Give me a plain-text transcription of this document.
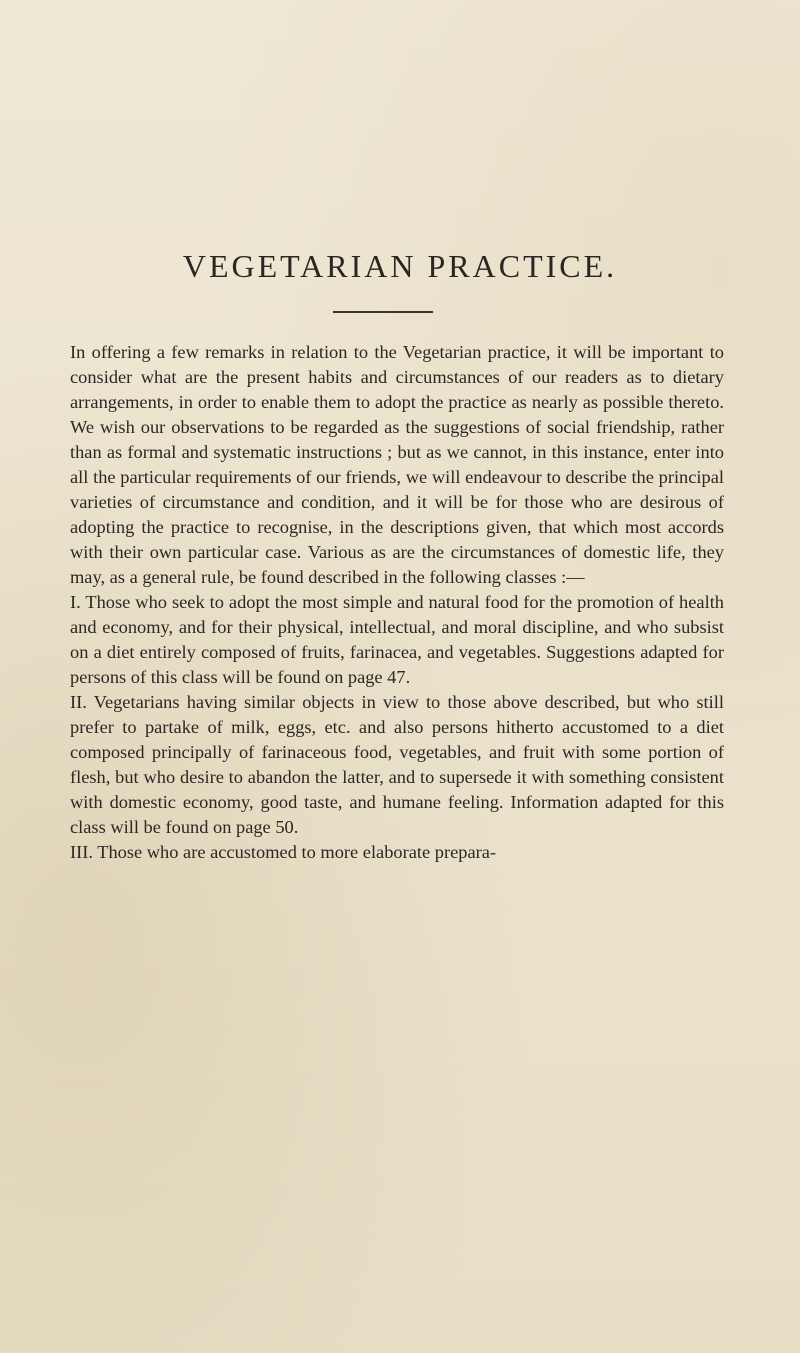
VEGETARIAN PRACTICE.

In offering a few remarks in relation to the Vegetarian practice, it will be important to consider what are the present habits and circumstances of our readers as to dietary arrangements, in order to enable them to adopt the practice as nearly as possible thereto. We wish our observations to be regarded as the suggestions of social friendship, rather than as formal and systematic instructions ; but as we cannot, in this instance, enter into all the particular requirements of our friends, we will endeavour to describe the principal varieties of circumstance and condition, and it will be for those who are desirous of adopting the practice to recognise, in the descriptions given, that which most accords with their own particular case. Various as are the circumstances of domestic life, they may, as a general rule, be found described in the following classes :—

I. Those who seek to adopt the most simple and natural food for the promotion of health and economy, and for their physical, intellectual, and moral discipline, and who subsist on a diet entirely composed of fruits, farinacea, and vegetables. Suggestions adapted for persons of this class will be found on page 47.

II. Vegetarians having similar objects in view to those above described, but who still prefer to partake of milk, eggs, etc. and also persons hitherto accustomed to a diet composed principally of farinaceous food, vegetables, and fruit with some portion of flesh, but who desire to abandon the latter, and to supersede it with something consistent with domestic economy, good taste, and humane feeling. Information adapted for this class will be found on page 50.

III. Those who are accustomed to more elaborate prepara-
